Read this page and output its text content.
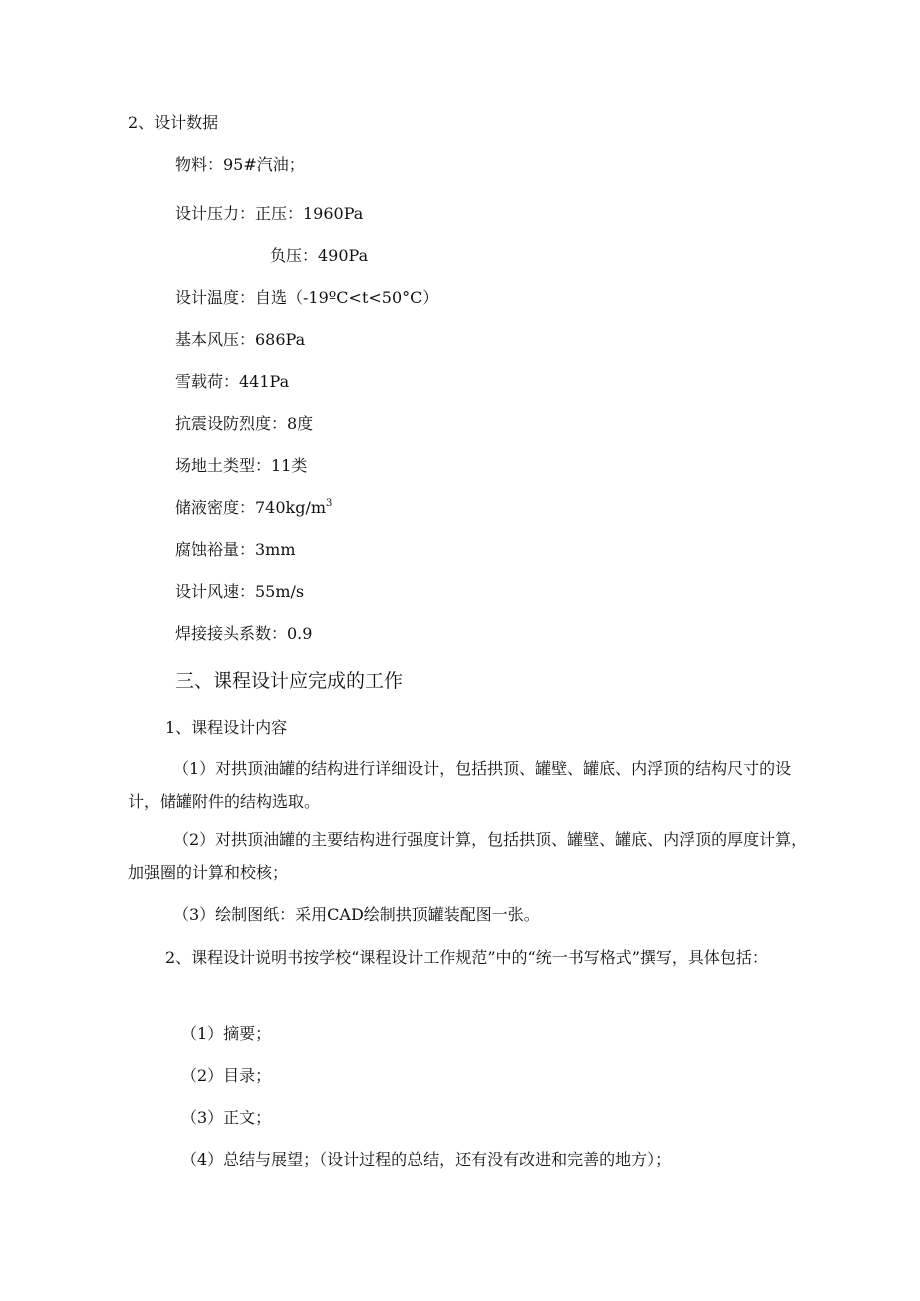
2、设计数据
物料：95#汽油；
设计压力：正压：1960Pa
负压：490Pa
设计温度：自选（-19ºC<t<50°C）
基本风压：686Pa
雪载荷：441Pa
抗震设防烈度：8度
场地土类型：11类
储液密度：$740kg/m^3$
腐蚀裕量：3mm
设计风速：55m/s
焊接接头系数：0.9
三、课程设计应完成的工作
1、课程设计内容
（1）对拱顶油罐的结构进行详细设计，包括拱顶、罐壁、罐底、内浮顶的结构尺寸的设计，储罐附件的结构选取。
（2）对拱顶油罐的主要结构进行强度计算，包括拱顶、罐壁、罐底、内浮顶的厚度计算，加强圈的计算和校核；
（3）绘制图纸：采用CAD绘制拱顶罐装配图一张。
2、课程设计说明书按学校“课程设计工作规范”中的“统一书写格式”撰写，具体包括：
（1）摘要；
（2）目录；
（3）正文；
（4）总结与展望；（设计过程的总结，还有没有改进和完善的地方）；
